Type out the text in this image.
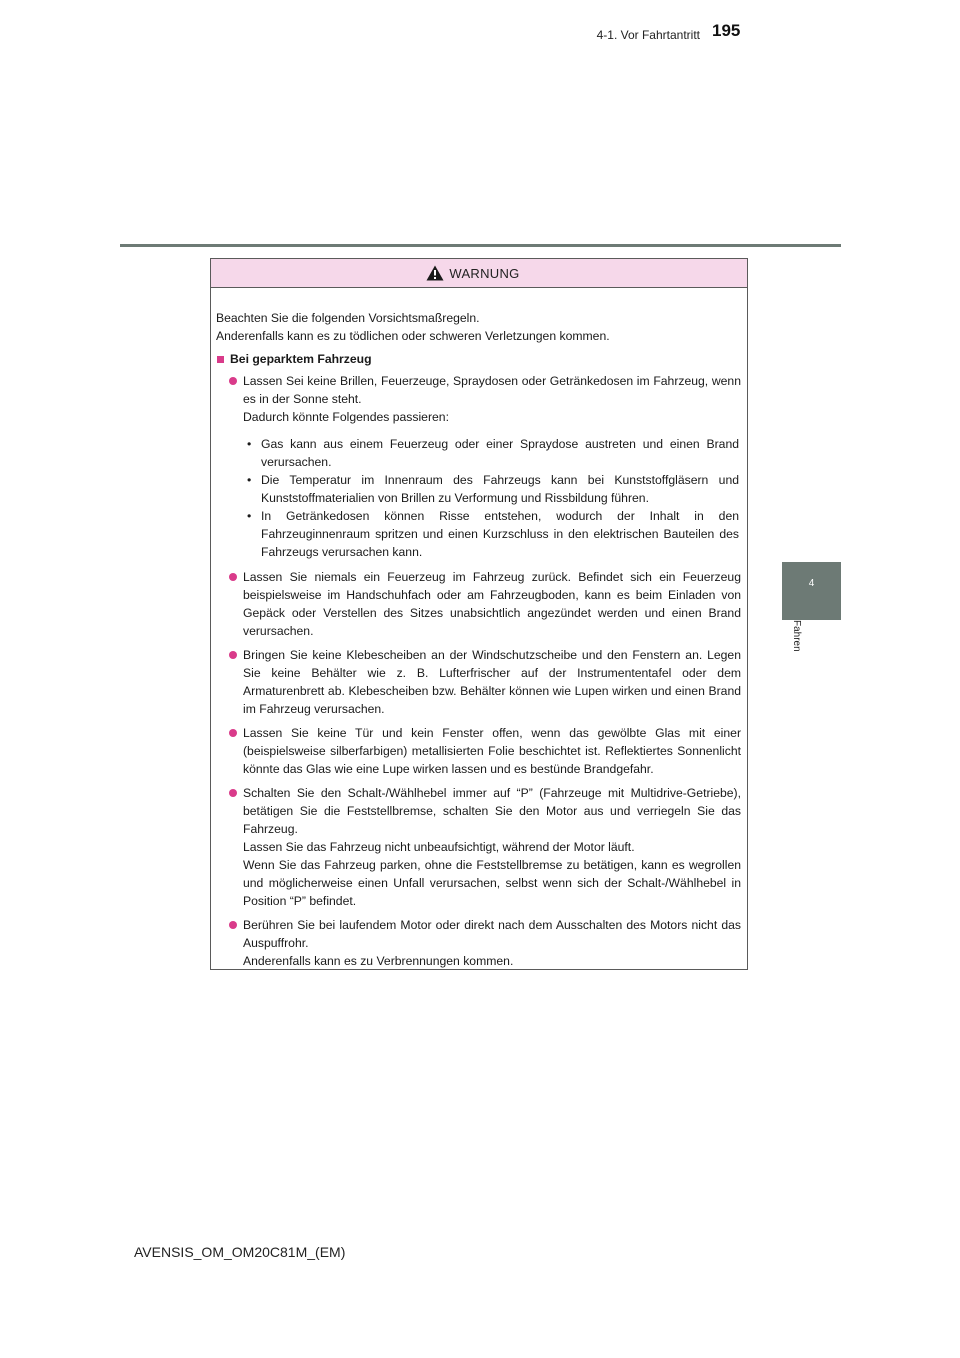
4-1. Vor Fahrtantritt 195
4
Fahren
WARNUNG
Beachten Sie die folgenden Vorsichtsmaßregeln.
Anderenfalls kann es zu tödlichen oder schweren Verletzungen kommen.
Bei geparktem Fahrzeug
Lassen Sei keine Brillen, Feuerzeuge, Spraydosen oder Getränkedosen im Fahrzeug, wenn es in der Sonne steht.
Dadurch könnte Folgendes passieren:
• Gas kann aus einem Feuerzeug oder einer Spraydose austreten und einen Brand verursachen.
• Die Temperatur im Innenraum des Fahrzeugs kann bei Kunststoffgläsern und Kunststoffmaterialien von Brillen zu Verformung und Rissbildung führen.
• In Getränkedosen können Risse entstehen, wodurch der Inhalt in den Fahrzeuginnenraum spritzen und einen Kurzschluss in den elektrischen Bauteilen des Fahrzeugs verursachen kann.
Lassen Sie niemals ein Feuerzeug im Fahrzeug zurück. Befindet sich ein Feuerzeug beispielsweise im Handschuhfach oder am Fahrzeugboden, kann es beim Einladen von Gepäck oder Verstellen des Sitzes unabsichtlich angezündet werden und einen Brand verursachen.
Bringen Sie keine Klebescheiben an der Windschutzscheibe und den Fenstern an. Legen Sie keine Behälter wie z. B. Lufterfrischer auf der Instrumententafel oder dem Armaturenbrett ab. Klebescheiben bzw. Behälter können wie Lupen wirken und einen Brand im Fahrzeug verursachen.
Lassen Sie keine Tür und kein Fenster offen, wenn das gewölbte Glas mit einer (beispielsweise silberfarbigen) metallisierten Folie beschichtet ist. Reflektiertes Sonnenlicht könnte das Glas wie eine Lupe wirken lassen und es bestünde Brandgefahr.
Schalten Sie den Schalt-/Wählhebel immer auf “P” (Fahrzeuge mit Multidrive-Getriebe), betätigen Sie die Feststellbremse, schalten Sie den Motor aus und verriegeln Sie das Fahrzeug.
Lassen Sie das Fahrzeug nicht unbeaufsichtigt, während der Motor läuft.
Wenn Sie das Fahrzeug parken, ohne die Feststellbremse zu betätigen, kann es wegrollen und möglicherweise einen Unfall verursachen, selbst wenn sich der Schalt-/Wählhebel in Position “P” befindet.
Berühren Sie bei laufendem Motor oder direkt nach dem Ausschalten des Motors nicht das Auspuffrohr.
Anderenfalls kann es zu Verbrennungen kommen.
AVENSIS_OM_OM20C81M_(EM)
